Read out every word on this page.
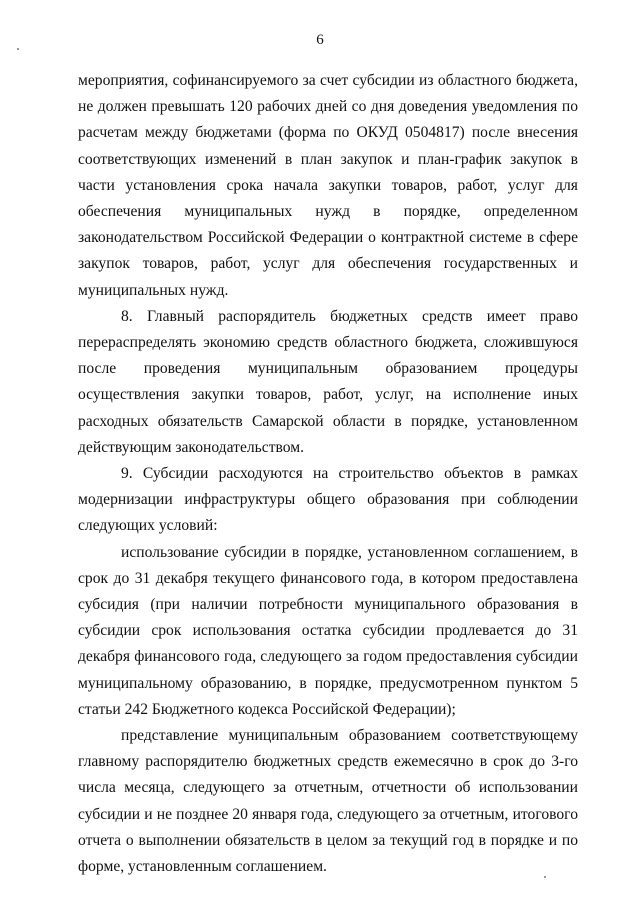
6

мероприятия, софинансируемого за счет субсидии из областного бюджета, не должен превышать 120 рабочих дней со дня доведения уведомления по расчетам между бюджетами (форма по ОКУД 0504817) после внесения соответствующих изменений в план закупок и план-график закупок в части установления срока начала закупки товаров, работ, услуг для обеспечения муниципальных нужд в порядке, определенном законодательством Российской Федерации о контрактной системе в сфере закупок товаров, работ, услуг для обеспечения государственных и муниципальных нужд.

8. Главный распорядитель бюджетных средств имеет право перераспределять экономию средств областного бюджета, сложившуюся после проведения муниципальным образованием процедуры осуществления закупки товаров, работ, услуг, на исполнение иных расходных обязательств Самарской области в порядке, установленном действующим законодательством.

9. Субсидии расходуются на строительство объектов в рамках модернизации инфраструктуры общего образования при соблюдении следующих условий:

использование субсидии в порядке, установленном соглашением, в срок до 31 декабря текущего финансового года, в котором предоставлена субсидия (при наличии потребности муниципального образования в субсидии срок использования остатка субсидии продлевается до 31 декабря финансового года, следующего за годом предоставления субсидии муниципальному образованию, в порядке, предусмотренном пунктом 5 статьи 242 Бюджетного кодекса Российской Федерации);

представление муниципальным образованием соответствующему главному распорядителю бюджетных средств ежемесячно в срок до 3-го числа месяца, следующего за отчетным, отчетности об использовании субсидии и не позднее 20 января года, следующего за отчетным, итогового отчета о выполнении обязательств в целом за текущий год в порядке и по форме, установленным соглашением.
